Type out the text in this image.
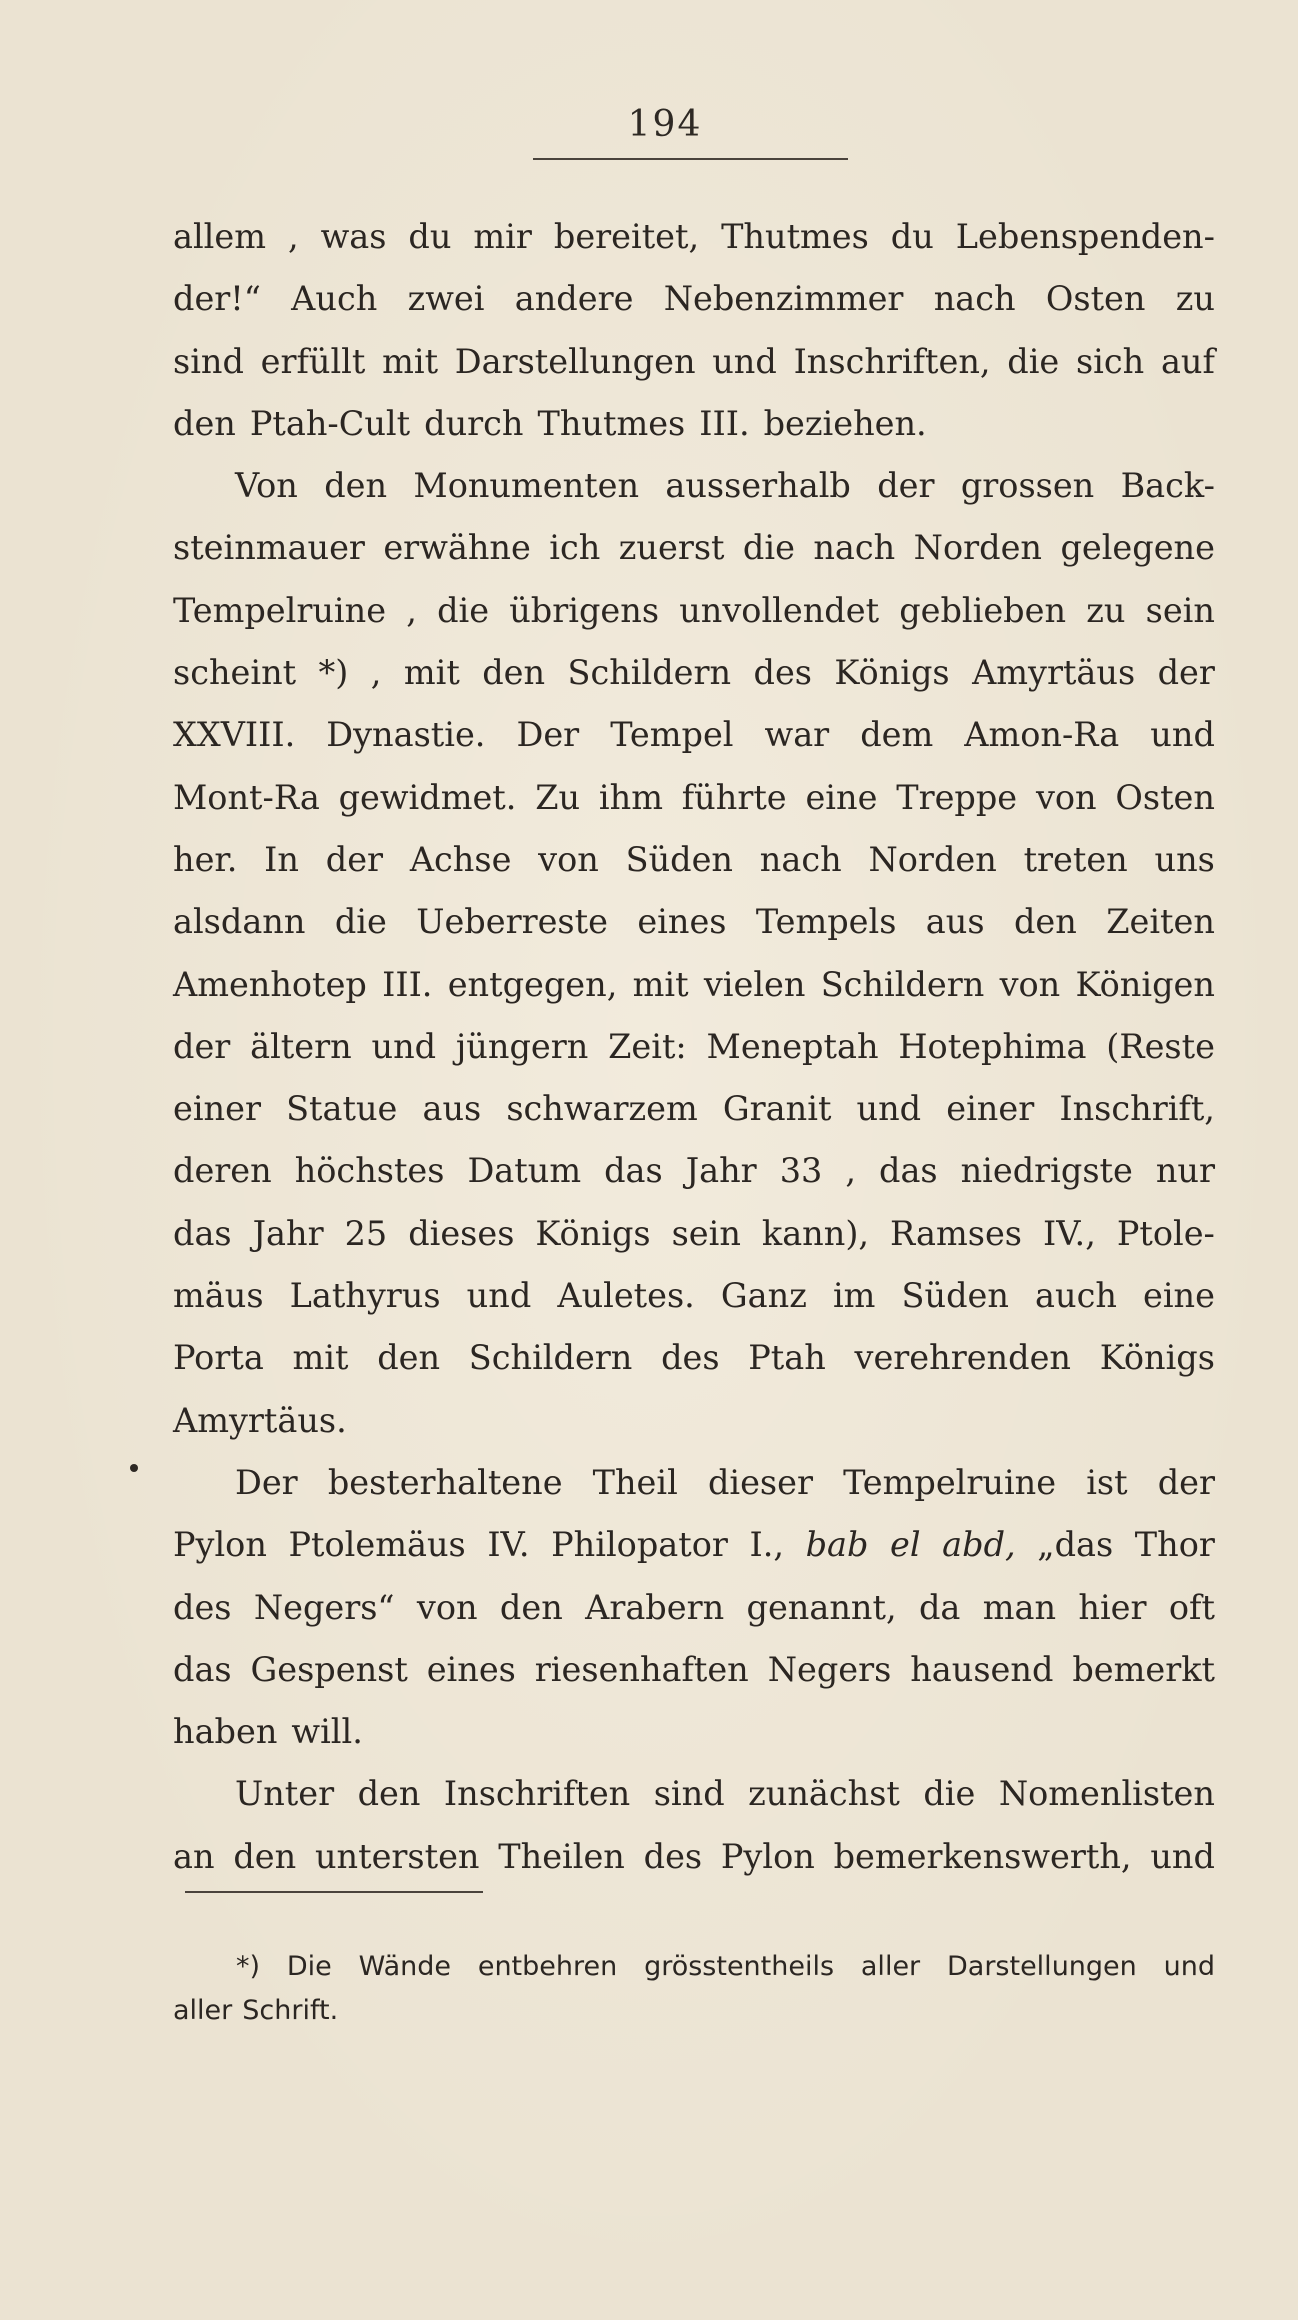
194
allem , was du mir bereitet, Thutmes du Lebenspenden-
der!“ Auch zwei andere Nebenzimmer nach Osten zu
sind erfüllt mit Darstellungen und Inschriften, die sich auf
den Ptah-Cult durch Thutmes III. beziehen.
Von den Monumenten ausserhalb der grossen Back-
steinmauer erwähne ich zuerst die nach Norden gelegene
Tempelruine , die übrigens unvollendet geblieben zu sein
scheint *) , mit den Schildern des Königs Amyrtäus der
XXVIII. Dynastie. Der Tempel war dem Amon-Ra und
Mont-Ra gewidmet. Zu ihm führte eine Treppe von Osten
her. In der Achse von Süden nach Norden treten uns
alsdann die Ueberreste eines Tempels aus den Zeiten
Amenhotep III. entgegen, mit vielen Schildern von Königen
der ältern und jüngern Zeit: Meneptah Hotephima (Reste
einer Statue aus schwarzem Granit und einer Inschrift,
deren höchstes Datum das Jahr 33 , das niedrigste nur
das Jahr 25 dieses Königs sein kann), Ramses IV., Ptole-
mäus Lathyrus und Auletes. Ganz im Süden auch eine
Porta mit den Schildern des Ptah verehrenden Königs
Amyrtäus.
Der besterhaltene Theil dieser Tempelruine ist der
Pylon Ptolemäus IV. Philopator I., bab el abd, „das Thor
des Negers“ von den Arabern genannt, da man hier oft
das Gespenst eines riesenhaften Negers hausend bemerkt
haben will.
Unter den Inschriften sind zunächst die Nomenlisten
an den untersten Theilen des Pylon bemerkenswerth, und
*) Die Wände entbehren grösstentheils aller Darstellungen und
aller Schrift.
